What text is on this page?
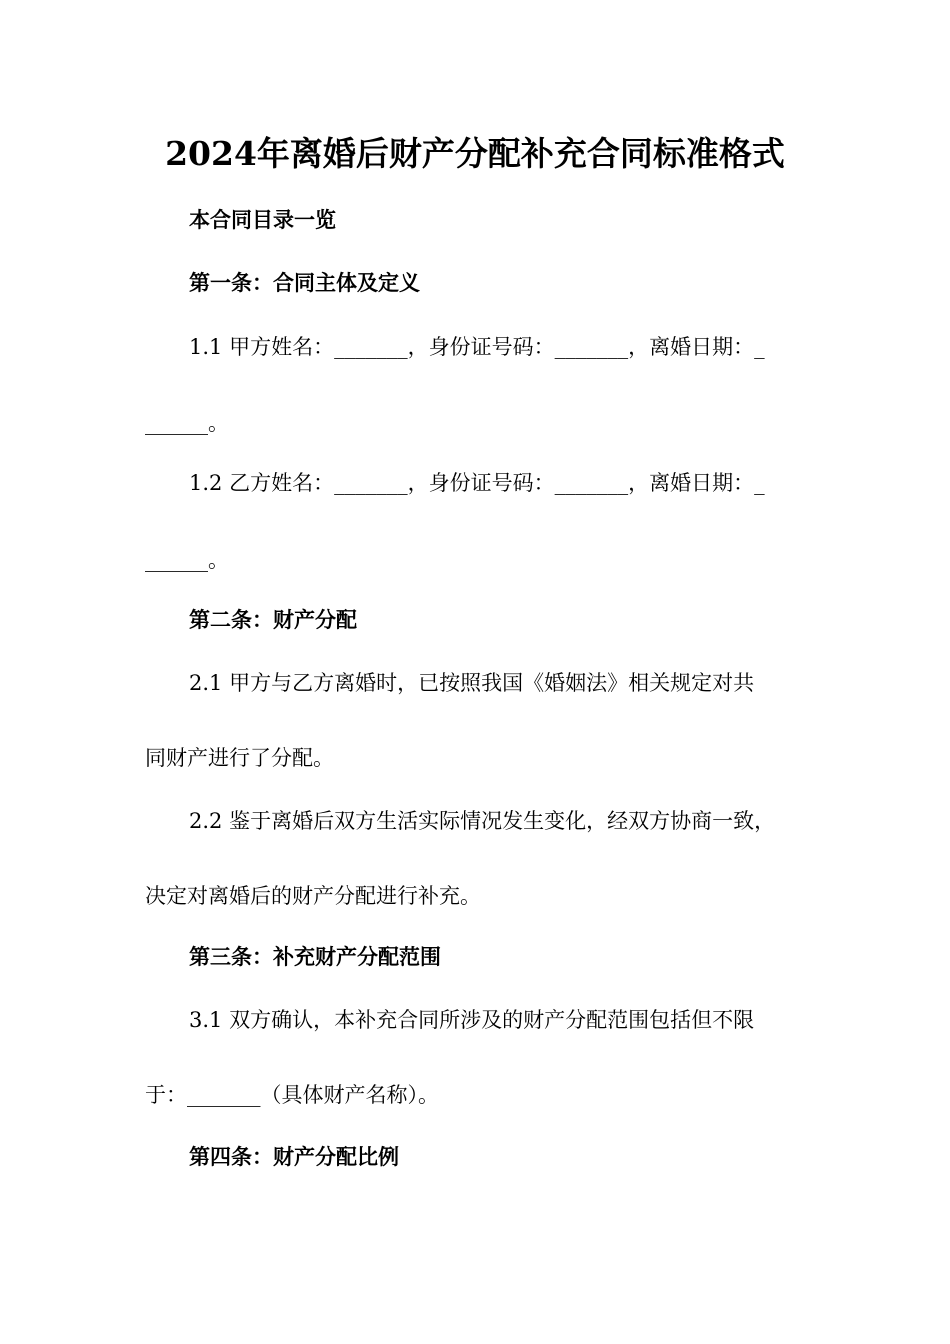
2024年离婚后财产分配补充合同标准格式
本合同目录一览
第一条：合同主体及定义
1.1 甲方姓名：_______，身份证号码：_______，离婚日期：_
______。
1.2 乙方姓名：_______，身份证号码：_______，离婚日期：_
______。
第二条：财产分配
2.1 甲方与乙方离婚时，已按照我国《婚姻法》相关规定对共
同财产进行了分配。
2.2 鉴于离婚后双方生活实际情况发生变化，经双方协商一致，
决定对离婚后的财产分配进行补充。
第三条：补充财产分配范围
3.1 双方确认，本补充合同所涉及的财产分配范围包括但不限
于：_______（具体财产名称）。
第四条：财产分配比例
